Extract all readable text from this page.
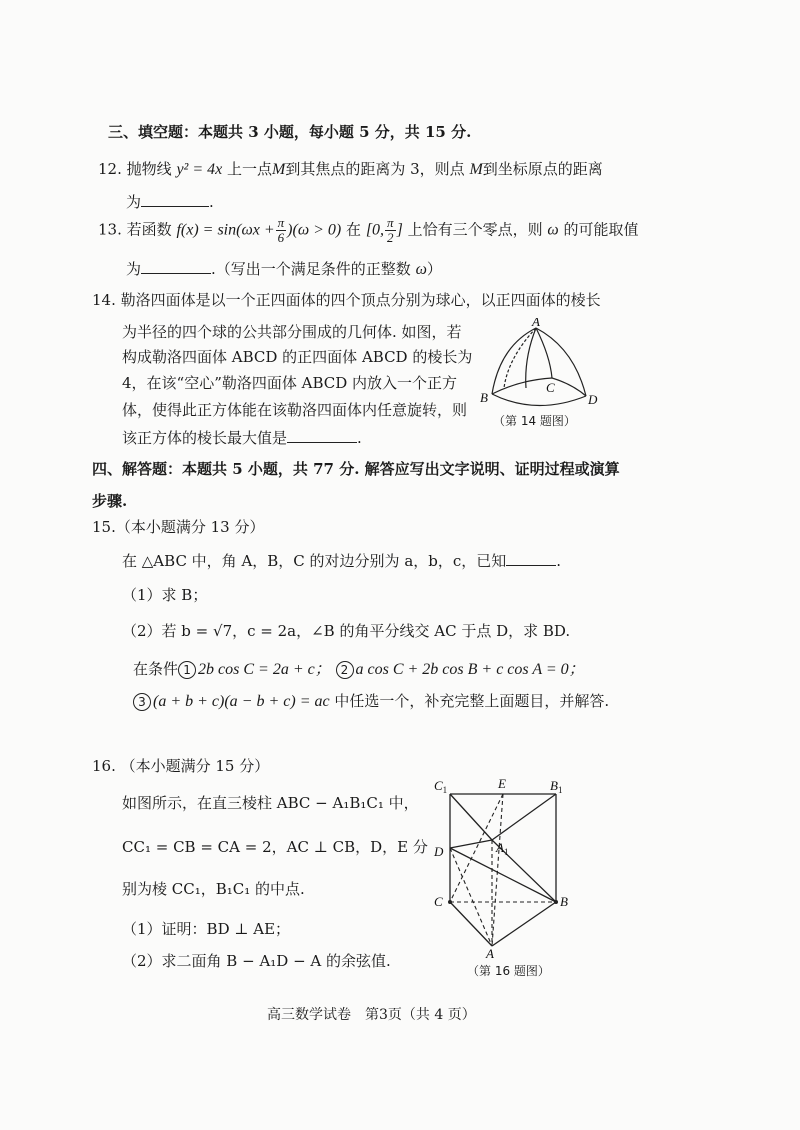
三、填空题：本题共 3 小题，每小题 5 分，共 15 分.
12. 抛物线 y² = 4x 上一点M到其焦点的距离为 3，则点 M到坐标原点的距离
为	.
13. 若函数 $f(x) = \sin(\omega x + \frac{\pi}{6} )(\omega > 0)$ 在 [0, $\frac{\pi}{2}$ ] 上恰有三个零点，则 ω 的可能取值
为	.（写出一个满足条件的正整数 ω）
14. 勒洛四面体是以一个正四面体的四个顶点分别为球心，以正四面体的棱长
为半径的四个球的公共部分围成的几何体. 如图，若
构成勒洛四面体 ABCD 的正四面体 ABCD 的棱长为
4，在该“空心”勒洛四面体 ABCD 内放入一个正方
体，使得此正方体能在该勒洛四面体内任意旋转，则
该正方体的棱长最大值是	.
A
B
C
D
（第 14 题图）
四、解答题：本题共 5 小题，共 77 分. 解答应写出文字说明、证明过程或演算
步骤.
15.（本小题满分 13 分）
在 △ABC 中，角 A，B，C 的对边分别为 a，b，c，已知	.
（1）求 B；
（2）若 b = √7，c = 2a，∠B 的角平分线交 AC 于点 D，求 BD.
在条件 1 2b cos C = 2a + c； 2 a cos C + 2b cos B + c cos A = 0；
3 (a + b + c)(a − b + c) = ac 中任选一个，补充完整上面题目，并解答.
16. （本小题满分 15 分）
如图所示，在直三棱柱 ABC − A₁B₁C₁ 中，
CC₁ = CB = CA = 2，AC ⊥ CB，D，E 分
别为棱 CC₁，B₁C₁ 的中点.
（1）证明：BD ⊥ AE；
（2）求二面角 B − A₁D − A 的余弦值.
$C_1$	E	$B_1$
D	$A_1$
C	B
A
（第 16 题图）
高三数学试卷　第3页（共 4 页）
